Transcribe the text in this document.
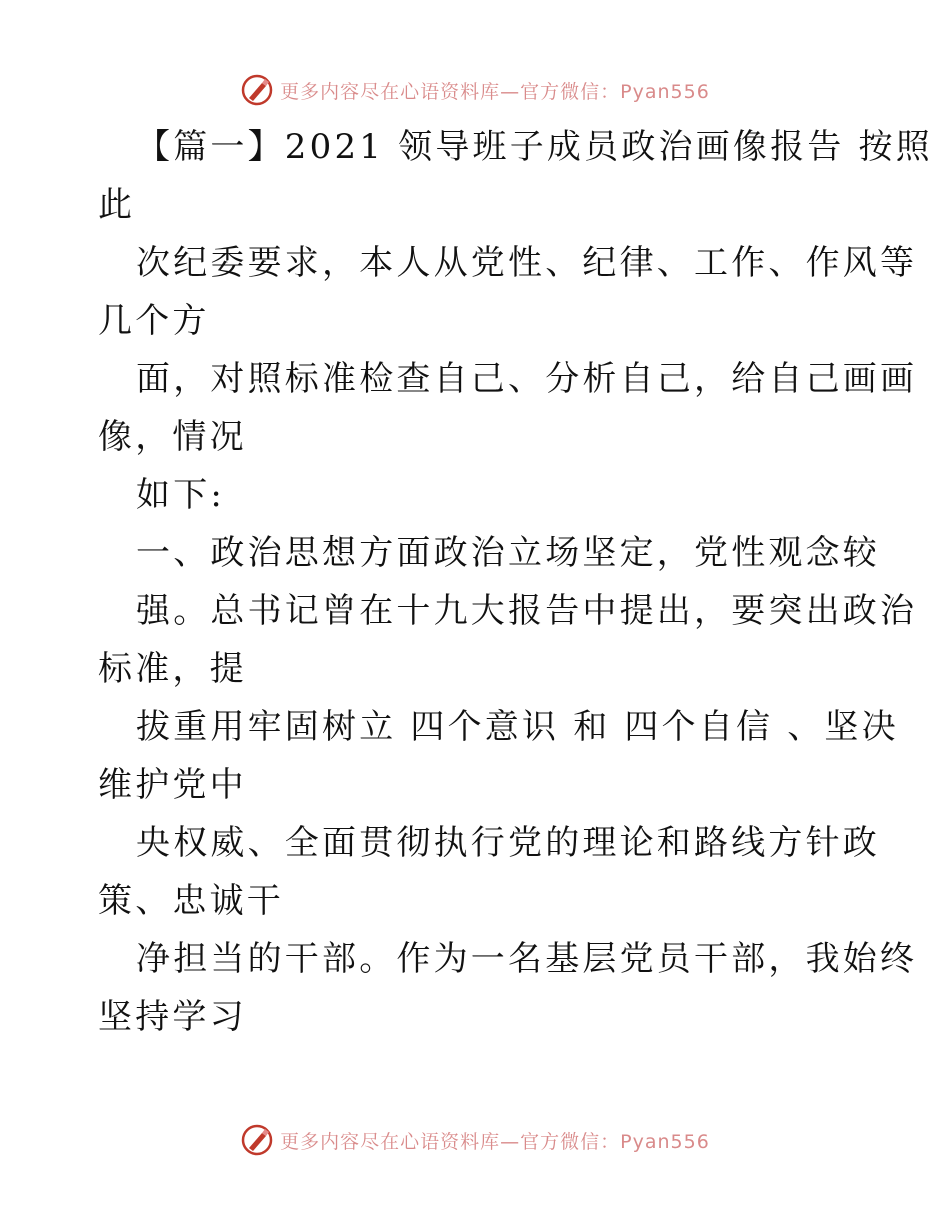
更多内容尽在心语资料库 —官方微信：Pyan556
【篇一】2021 领导班子成员政治画像报告 按照
此
次纪委要求，本人从党性、纪律、工作、作风等
几个方
面，对照标准检查自己、分析自己，给自己画画
像，情况
如下:
一、政治思想方面政治立场坚定，党性观念较
强。总书记曾在十九大报告中提出，要突出政治
标准，提
拔重用牢固树立 四个意识 和 四个自信 、坚决
维护党中
央权威、全面贯彻执行党的理论和路线方针政
策、忠诚干
净担当的干部。作为一名基层党员干部，我始终
坚持学习
更多内容尽在心语资料库 —官方微信：Pyan556
